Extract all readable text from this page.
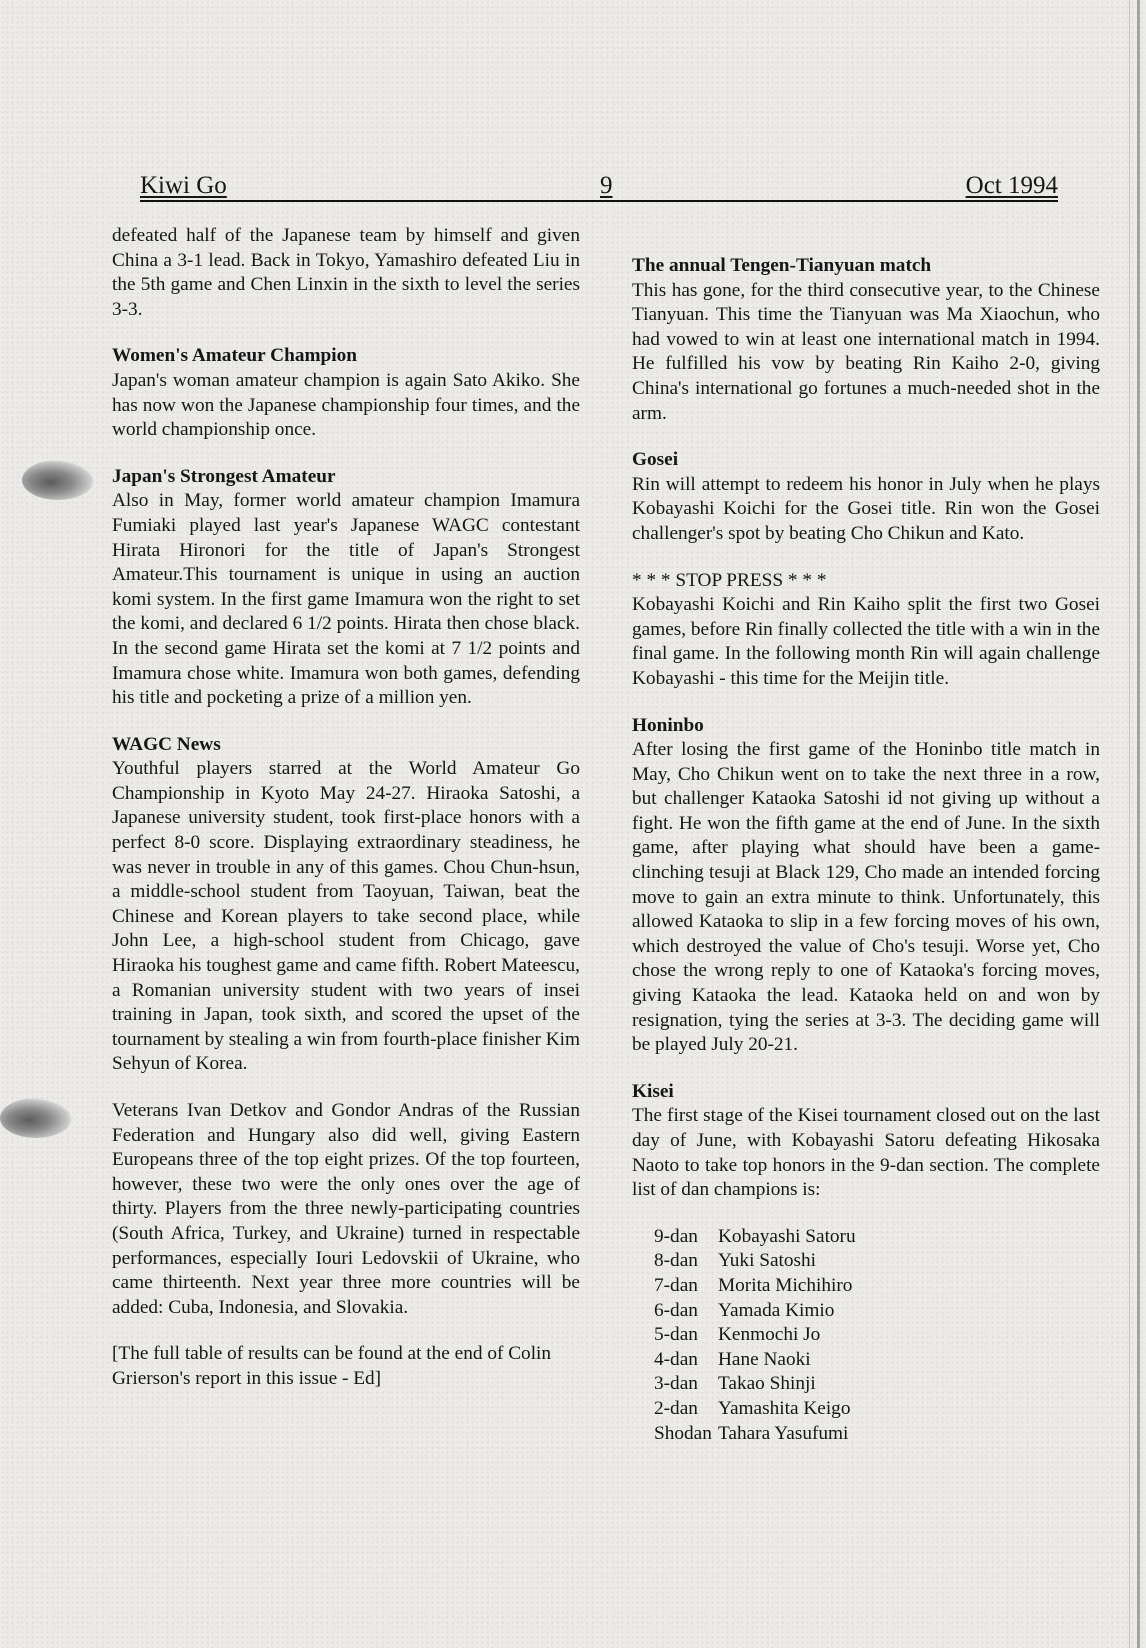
Kiwi Go	9	Oct 1994

defeated half of the Japanese team by himself and given China a 3-1 lead. Back in Tokyo, Yamashiro defeated Liu in the 5th game and Chen Linxin in the sixth to level the series 3-3.

Women's Amateur Champion

Japan's woman amateur champion is again Sato Akiko. She has now won the Japanese championship four times, and the world championship once.

Japan's Strongest Amateur

Also in May, former world amateur champion Imamura Fumiaki played last year's Japanese WAGC contestant Hirata Hironori for the title of Japan's Strongest Amateur.This tournament is unique in using an auction komi system. In the first game Imamura won the right to set the komi, and declared 6 1/2 points. Hirata then chose black. In the second game Hirata set the komi at 7 1/2 points and Imamura chose white. Imamura won both games, defending his title and pocketing a prize of a million yen.

WAGC News

Youthful players starred at the World Amateur Go Championship in Kyoto May 24-27. Hiraoka Satoshi, a Japanese university student, took first-place honors with a perfect 8-0 score. Displaying extraordinary steadiness, he was never in trouble in any of this games. Chou Chun-hsun, a middle-school student from Taoyuan, Taiwan, beat the Chinese and Korean players to take second place, while John Lee, a high-school student from Chicago, gave Hiraoka his toughest game and came fifth. Robert Mateescu, a Romanian university student with two years of insei training in Japan, took sixth, and scored the upset of the tournament by stealing a win from fourth-place finisher Kim Sehyun of Korea.

Veterans Ivan Detkov and Gondor Andras of the Russian Federation and Hungary also did well, giving Eastern Europeans three of the top eight prizes. Of the top fourteen, however, these two were the only ones over the age of thirty. Players from the three newly-participating countries (South Africa, Turkey, and Ukraine) turned in respectable performances, especially Iouri Ledovskii of Ukraine, who came thirteenth. Next year three more countries will be added: Cuba, Indonesia, and Slovakia.

[The full table of results can be found at the end of Colin Grierson's report in this issue - Ed]

The annual Tengen-Tianyuan match

This has gone, for the third consecutive year, to the Chinese Tianyuan. This time the Tianyuan was Ma Xiaochun, who had vowed to win at least one international match in 1994. He fulfilled his vow by beating Rin Kaiho 2-0, giving China's international go fortunes a much-needed shot in the arm.

Gosei

Rin will attempt to redeem his honor in July when he plays Kobayashi Koichi for the Gosei title. Rin won the Gosei challenger's spot by beating Cho Chikun and Kato.

* * * STOP PRESS * * *

Kobayashi Koichi and Rin Kaiho split the first two Gosei games, before Rin finally collected the title with a win in the final game. In the following month Rin will again challenge Kobayashi - this time for the Meijin title.

Honinbo

After losing the first game of the Honinbo title match in May, Cho Chikun went on to take the next three in a row, but challenger Kataoka Satoshi id not giving up without a fight. He won the fifth game at the end of June. In the sixth game, after playing what should have been a game-clinching tesuji at Black 129, Cho made an intended forcing move to gain an extra minute to think. Unfortunately, this allowed Kataoka to slip in a few forcing moves of his own, which destroyed the value of Cho's tesuji. Worse yet, Cho chose the wrong reply to one of Kataoka's forcing moves, giving Kataoka the lead. Kataoka held on and won by resignation, tying the series at 3-3. The deciding game will be played July 20-21.

Kisei

The first stage of the Kisei tournament closed out on the last day of June, with Kobayashi Satoru defeating Hikosaka Naoto to take top honors in the 9-dan section. The complete list of dan champions is:

9-dan	Kobayashi Satoru
8-dan	Yuki Satoshi
7-dan	Morita Michihiro
6-dan	Yamada Kimio
5-dan	Kenmochi Jo
4-dan	Hane Naoki
3-dan	Takao Shinji
2-dan	Yamashita Keigo
Shodan Tahara Yasufumi
